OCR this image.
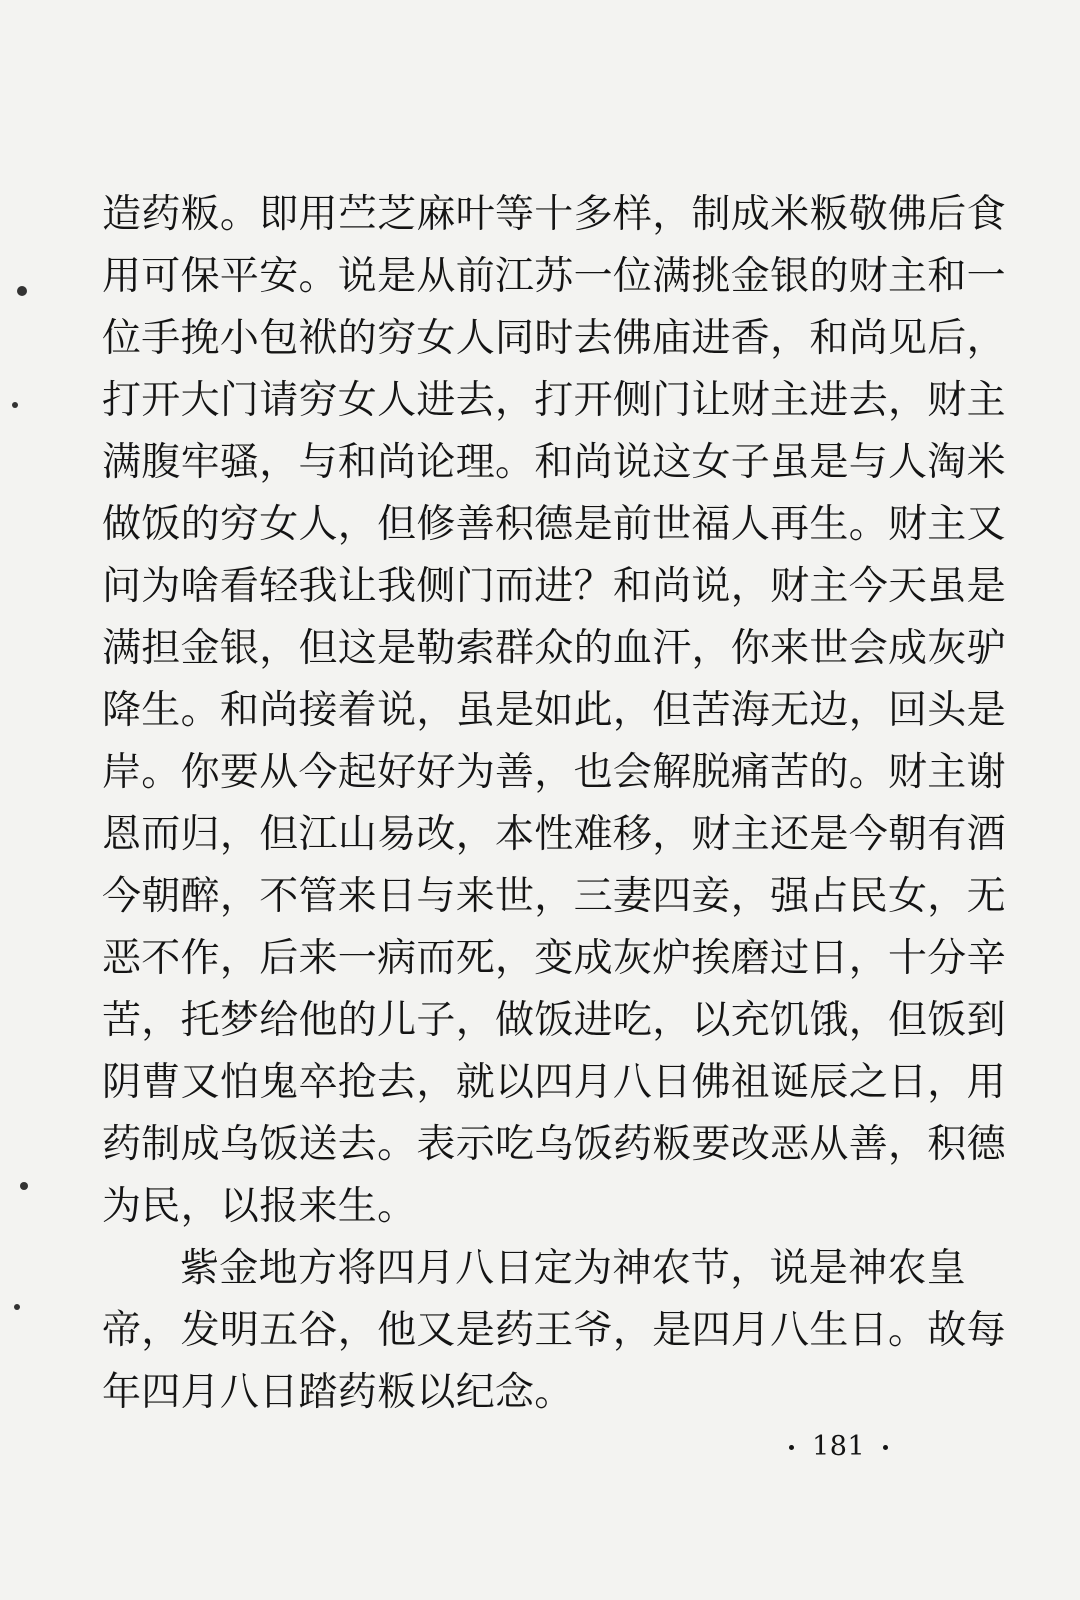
造药粄。即用苎芝麻叶等十多样，制成米粄敬佛后食
用可保平安。说是从前江苏一位满挑金银的财主和一
位手挽小包袱的穷女人同时去佛庙进香，和尚见后，
打开大门请穷女人进去，打开侧门让财主进去，财主
满腹牢骚，与和尚论理。和尚说这女子虽是与人淘米
做饭的穷女人，但修善积德是前世福人再生。财主又
问为啥看轻我让我侧门而进？和尚说，财主今天虽是
满担金银，但这是勒索群众的血汗，你来世会成灰驴
降生。和尚接着说，虽是如此，但苦海无边，回头是
岸。你要从今起好好为善，也会解脱痛苦的。财主谢
恩而归，但江山易改，本性难移，财主还是今朝有酒
今朝醉，不管来日与来世，三妻四妾，强占民女，无
恶不作，后来一病而死，变成灰炉挨磨过日，十分辛
苦，托梦给他的儿子，做饭进吃，以充饥饿，但饭到
阴曹又怕鬼卒抢去，就以四月八日佛祖诞辰之日，用
药制成乌饭送去。表示吃乌饭药粄要改恶从善，积德
为民，以报来生。

紫金地方将四月八日定为神农节，说是神农皇
帝，发明五谷，他又是药王爷，是四月八生日。故每
年四月八日踏药粄以纪念。

181
